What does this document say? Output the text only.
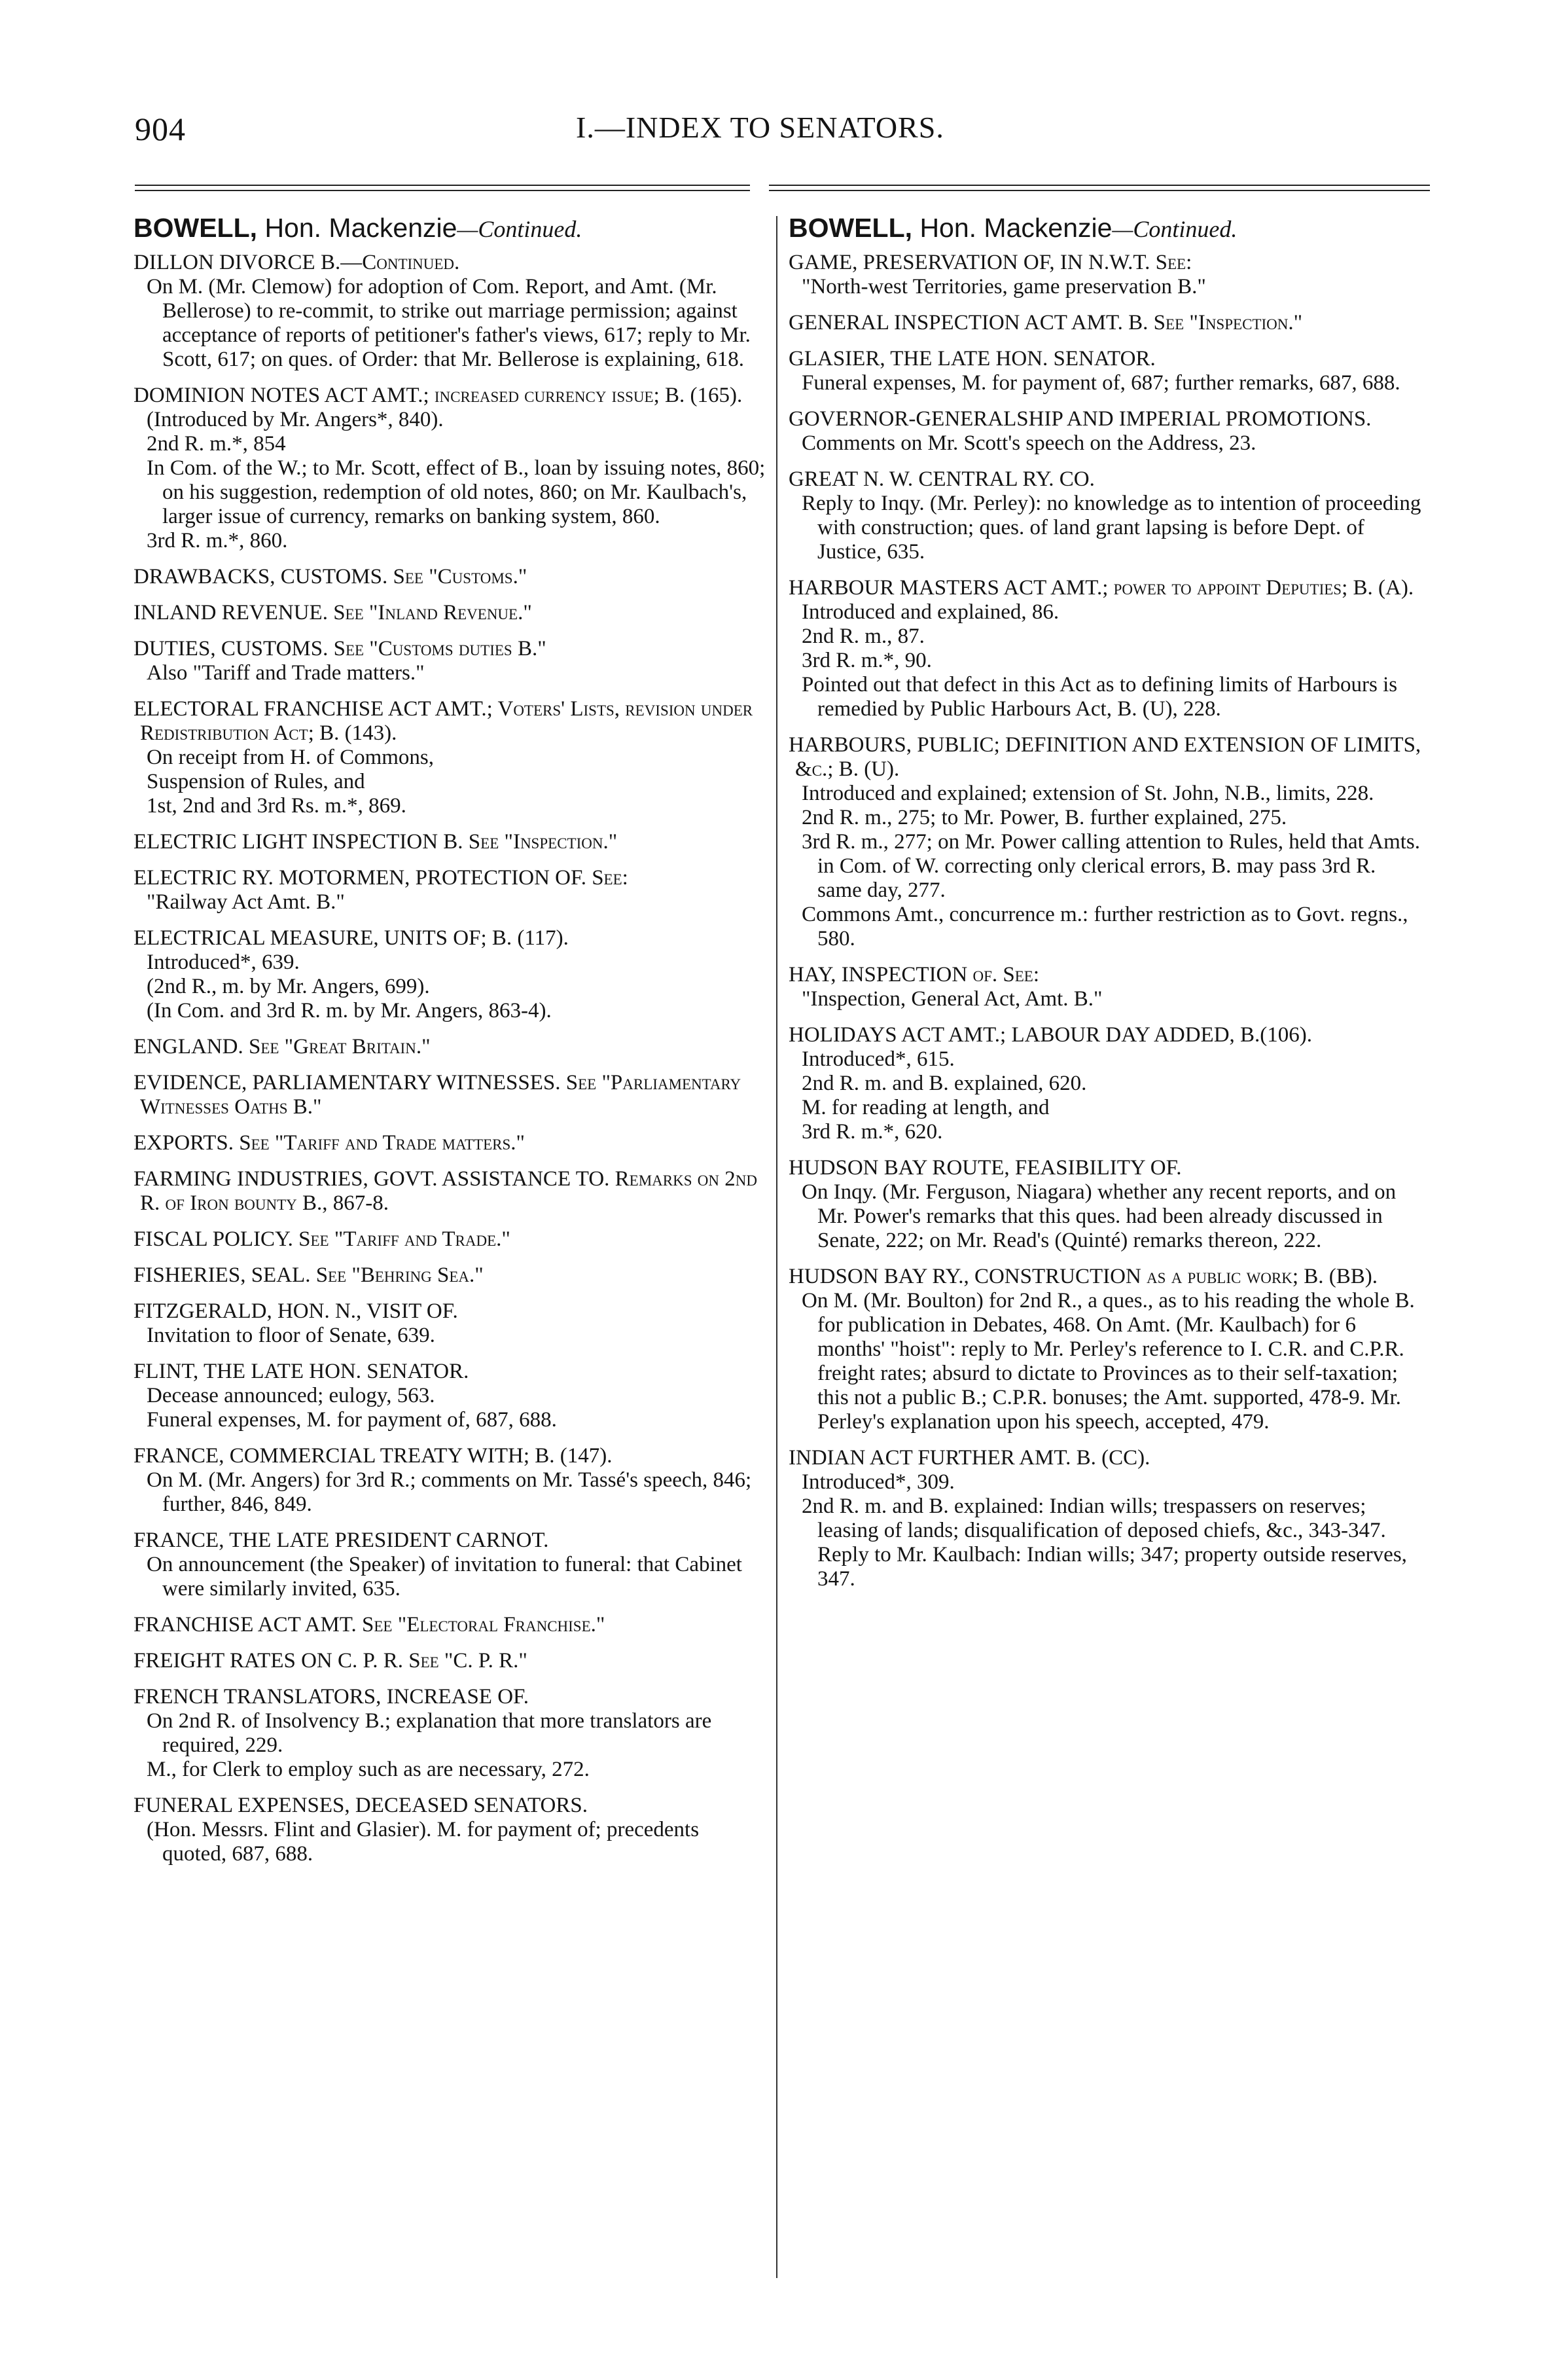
904	I.—INDEX TO SENATORS.
BOWELL, Hon. Mackenzie—Continued.
DILLON DIVORCE B.—Continued.
On M. (Mr. Clemow) for adoption of Com. Report, and Amt. (Mr. Bellerose) to re-commit, to strike out marriage permission; against acceptance of reports of petitioner's father's views, 617; reply to Mr. Scott, 617; on ques. of Order: that Mr. Bellerose is explaining, 618.
DOMINION NOTES ACT AMT.; increased currency issue; B. (165).
(Introduced by Mr. Angers*, 840).
2nd R. m.*, 854
In Com. of the W.; to Mr. Scott, effect of B., loan by issuing notes, 860; on his suggestion, redemption of old notes, 860; on Mr. Kaulbach's, larger issue of currency, remarks on banking system, 860.
3rd R. m.*, 860.
DRAWBACKS, CUSTOMS. See "Customs."
INLAND REVENUE. See "Inland Revenue."
DUTIES, CUSTOMS. See "Customs duties B."
Also "Tariff and Trade matters."
ELECTORAL FRANCHISE ACT AMT.; Voters' Lists, revision under Redistribution Act; B. (143).
On receipt from H. of Commons,
Suspension of Rules, and
1st, 2nd and 3rd Rs. m.*, 869.
ELECTRIC LIGHT INSPECTION B. See "Inspection."
ELECTRIC RY. MOTORMEN, PROTECTION OF. See:
"Railway Act Amt. B."
ELECTRICAL MEASURE, UNITS OF; B. (117).
Introduced*, 639.
(2nd R., m. by Mr. Angers, 699).
(In Com. and 3rd R. m. by Mr. Angers, 863-4).
ENGLAND. See "Great Britain."
EVIDENCE, PARLIAMENTARY WITNESSES. See "Parliamentary Witnesses Oaths B."
EXPORTS. See "Tariff and Trade matters."
FARMING INDUSTRIES, GOVT. ASSISTANCE TO. Remarks on 2nd R. of Iron bounty B., 867-8.
FISCAL POLICY. See "Tariff and Trade."
FISHERIES, SEAL. See "Behring Sea."
FITZGERALD, HON. N., VISIT OF.
Invitation to floor of Senate, 639.
FLINT, THE LATE HON. SENATOR.
Decease announced; eulogy, 563.
Funeral expenses, M. for payment of, 687, 688.
FRANCE, COMMERCIAL TREATY WITH; B. (147).
On M. (Mr. Angers) for 3rd R.; comments on Mr. Tassé's speech, 846; further, 846, 849.
FRANCE, THE LATE PRESIDENT CARNOT.
On announcement (the Speaker) of invitation to funeral: that Cabinet were similarly invited, 635.
FRANCHISE ACT AMT. See "Electoral Franchise."
FREIGHT RATES ON C. P. R. See "C. P. R."
FRENCH TRANSLATORS, INCREASE OF.
On 2nd R. of Insolvency B.; explanation that more translators are required, 229.
M., for Clerk to employ such as are necessary, 272.
FUNERAL EXPENSES, DECEASED SENATORS.
(Hon. Messrs. Flint and Glasier). M. for payment of; precedents quoted, 687, 688.
BOWELL, Hon. Mackenzie—Continued.
GAME, PRESERVATION OF, IN N.W.T. See:
"North-west Territories, game preservation B."
GENERAL INSPECTION ACT AMT. B. See "Inspection."
GLASIER, THE LATE HON. SENATOR.
Funeral expenses, M. for payment of, 687; further remarks, 687, 688.
GOVERNOR-GENERALSHIP AND IMPERIAL PROMOTIONS.
Comments on Mr. Scott's speech on the Address, 23.
GREAT N. W. CENTRAL RY. CO.
Reply to Inqy. (Mr. Perley): no knowledge as to intention of proceeding with construction; ques. of land grant lapsing is before Dept. of Justice, 635.
HARBOUR MASTERS ACT AMT.; power to appoint Deputies; B. (A).
Introduced and explained, 86.
2nd R. m., 87.
3rd R. m.*, 90.
Pointed out that defect in this Act as to defining limits of Harbours is remedied by Public Harbours Act, B. (U), 228.
HARBOURS, PUBLIC; DEFINITION AND EXTENSION OF LIMITS, &c.; B. (U).
Introduced and explained; extension of St. John, N.B., limits, 228.
2nd R. m., 275; to Mr. Power, B. further explained, 275.
3rd R. m., 277; on Mr. Power calling attention to Rules, held that Amts. in Com. of W. correcting only clerical errors, B. may pass 3rd R. same day, 277.
Commons Amt., concurrence m.: further restriction as to Govt. regns., 580.
HAY, INSPECTION of. See:
"Inspection, General Act, Amt. B."
HOLIDAYS ACT AMT.; LABOUR DAY ADDED, B.(106).
Introduced*, 615.
2nd R. m. and B. explained, 620.
M. for reading at length, and
3rd R. m.*, 620.
HUDSON BAY ROUTE, FEASIBILITY OF.
On Inqy. (Mr. Ferguson, Niagara) whether any recent reports, and on Mr. Power's remarks that this ques. had been already discussed in Senate, 222; on Mr. Read's (Quinté) remarks thereon, 222.
HUDSON BAY RY., CONSTRUCTION as a public work; B. (BB).
On M. (Mr. Boulton) for 2nd R., a ques., as to his reading the whole B. for publication in Debates, 468. On Amt. (Mr. Kaulbach) for 6 months' "hoist": reply to Mr. Perley's reference to I. C.R. and C.P.R. freight rates; absurd to dictate to Provinces as to their self-taxation; this not a public B.; C.P.R. bonuses; the Amt. supported, 478-9. Mr. Perley's explanation upon his speech, accepted, 479.
INDIAN ACT FURTHER AMT. B. (CC).
Introduced*, 309.
2nd R. m. and B. explained: Indian wills; trespassers on reserves; leasing of lands; disqualification of deposed chiefs, &c., 343-347. Reply to Mr. Kaulbach: Indian wills; 347; property outside reserves, 347.
